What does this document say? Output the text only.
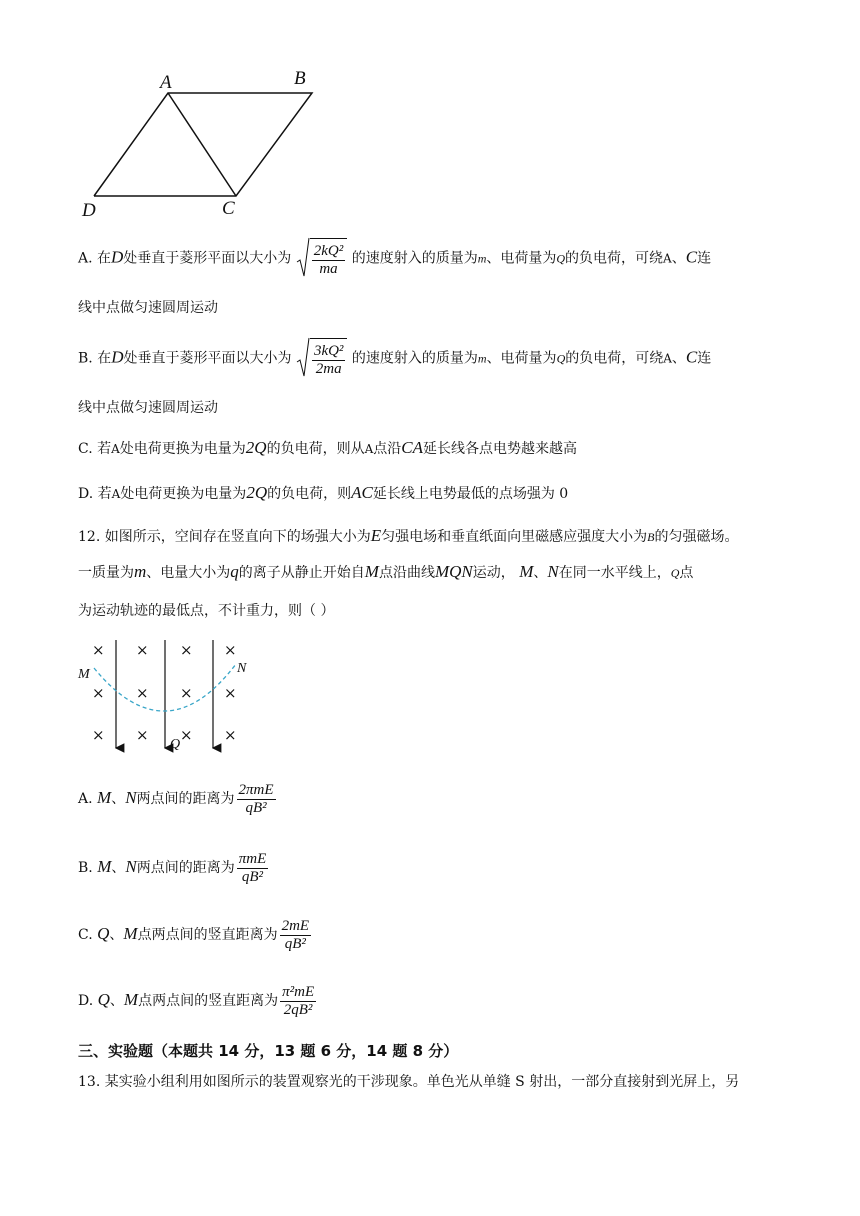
A	B
C
D
A. 在D处垂直于菱形平面以大小为 $\frac{\text{2kQ²}}{ma}$ 的速度射入的质量为m、电荷量为Q的负电荷，可绕A、C连
线中点做匀速圆周运动
B. 在D处垂直于菱形平面以大小为 $\frac{\text{3kQ²}}{2ma}$ 的速度射入的质量为m、电荷量为Q的负电荷，可绕A、C连
线中点做匀速圆周运动
C. 若A处电荷更换为电量为2Q的负电荷，则从A点沿CA延长线各点电势越来越高
D. 若A处电荷更换为电量为2Q的负电荷，则AC延长线上电势最低的点场强为 0
12. 如图所示，空间存在竖直向下的场强大小为E匀强电场和垂直纸面向里磁感应强度大小为B的匀强磁场。
一质量为m、电量大小为q的离子从静止开始自M点沿曲线MQN运动， M、N在同一水平线上，Q点
为运动轨迹的最低点，不计重力，则（ ）
× × × ×
× × × ×
× × × ×
M	N
Q
A. M、N两点间的距离为 $\frac{\text{2πmE}}{\text{qB²}}$
B. M、N两点间的距离为 $\frac{\text{πmE}}{\text{qB²}}$
C. Q、M点两点间的竖直距离为 $\frac{2mE}{\text{qB²}}$
D. Q、M点两点间的竖直距离为 $\frac{\text{π²mE}}{\text{2qB²}}$
三、实验题（本题共 14 分，13 题 6 分，14 题 8 分）
13. 某实验小组利用如图所示的装置观察光的干涉现象。单色光从单缝 S 射出，一部分直接射到光屏上，另
